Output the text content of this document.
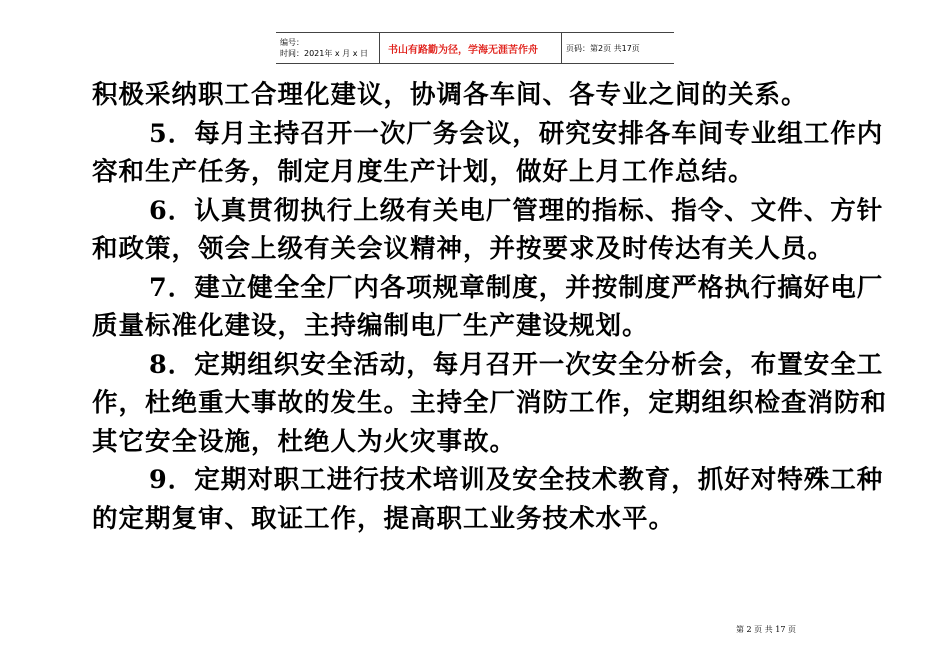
编号：
时间：2021年 x 月 x 日	书山有路勤为径，学海无涯苦作舟	页码：第2页 共17页

积极采纳职工合理化建议，协调各车间、各专业之间的关系。

5．每月主持召开一次厂务会议，研究安排各车间专业组工作内容和生产任务，制定月度生产计划，做好上月工作总结。

6．认真贯彻执行上级有关电厂管理的指标、指令、文件、方针和政策，领会上级有关会议精神，并按要求及时传达有关人员。

7．建立健全全厂内各项规章制度，并按制度严格执行搞好电厂质量标准化建设，主持编制电厂生产建设规划。

8．定期组织安全活动，每月召开一次安全分析会，布置安全工作，杜绝重大事故的发生。主持全厂消防工作，定期组织检查消防和其它安全设施，杜绝人为火灾事故。

9．定期对职工进行技术培训及安全技术教育，抓好对特殊工种的定期复审、取证工作，提高职工业务技术水平。

第 2 页 共 17 页
